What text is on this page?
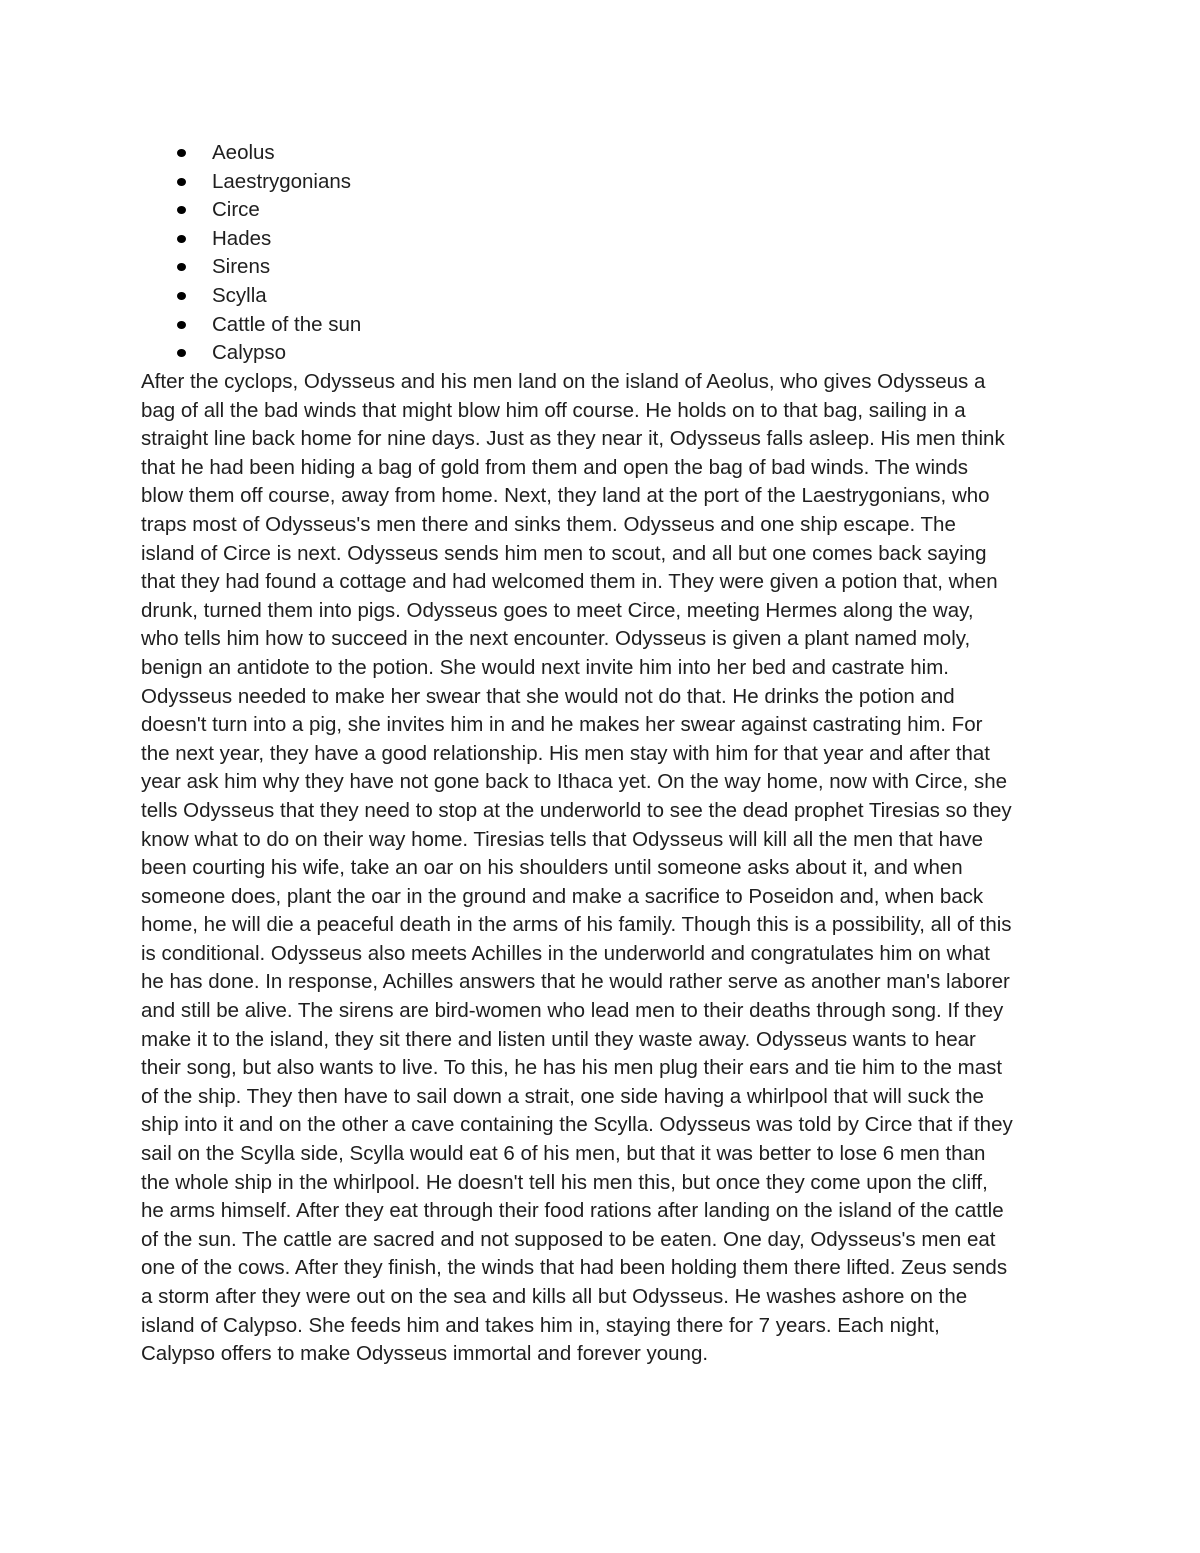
Aeolus
Laestrygonians
Circe
Hades
Sirens
Scylla
Cattle of the sun
Calypso

After the cyclops, Odysseus and his men land on the island of Aeolus, who gives Odysseus a
bag of all the bad winds that might blow him off course. He holds on to that bag, sailing in a
straight line back home for nine days. Just as they near it, Odysseus falls asleep. His men think
that he had been hiding a bag of gold from them and open the bag of bad winds. The winds
blow them off course, away from home. Next, they land at the port of the Laestrygonians, who
traps most of Odysseus's men there and sinks them. Odysseus and one ship escape. The
island of Circe is next. Odysseus sends him men to scout, and all but one comes back saying
that they had found a cottage and had welcomed them in. They were given a potion that, when
drunk, turned them into pigs. Odysseus goes to meet Circe, meeting Hermes along the way,
who tells him how to succeed in the next encounter. Odysseus is given a plant named moly,
benign an antidote to the potion. She would next invite him into her bed and castrate him.
Odysseus needed to make her swear that she would not do that. He drinks the potion and
doesn't turn into a pig, she invites him in and he makes her swear against castrating him. For
the next year, they have a good relationship. His men stay with him for that year and after that
year ask him why they have not gone back to Ithaca yet. On the way home, now with Circe, she
tells Odysseus that they need to stop at the underworld to see the dead prophet Tiresias so they
know what to do on their way home. Tiresias tells that Odysseus will kill all the men that have
been courting his wife, take an oar on his shoulders until someone asks about it, and when
someone does, plant the oar in the ground and make a sacrifice to Poseidon and, when back
home, he will die a peaceful death in the arms of his family. Though this is a possibility, all of this
is conditional. Odysseus also meets Achilles in the underworld and congratulates him on what
he has done. In response, Achilles answers that he would rather serve as another man's laborer
and still be alive. The sirens are bird-women who lead men to their deaths through song. If they
make it to the island, they sit there and listen until they waste away. Odysseus wants to hear
their song, but also wants to live. To this, he has his men plug their ears and tie him to the mast
of the ship. They then have to sail down a strait, one side having a whirlpool that will suck the
ship into it and on the other a cave containing the Scylla. Odysseus was told by Circe that if they
sail on the Scylla side, Scylla would eat 6 of his men, but that it was better to lose 6 men than
the whole ship in the whirlpool. He doesn't tell his men this, but once they come upon the cliff,
he arms himself. After they eat through their food rations after landing on the island of the cattle
of the sun. The cattle are sacred and not supposed to be eaten. One day, Odysseus's men eat
one of the cows. After they finish, the winds that had been holding them there lifted. Zeus sends
a storm after they were out on the sea and kills all but Odysseus. He washes ashore on the
island of Calypso. She feeds him and takes him in, staying there for 7 years. Each night,
Calypso offers to make Odysseus immortal and forever young.
